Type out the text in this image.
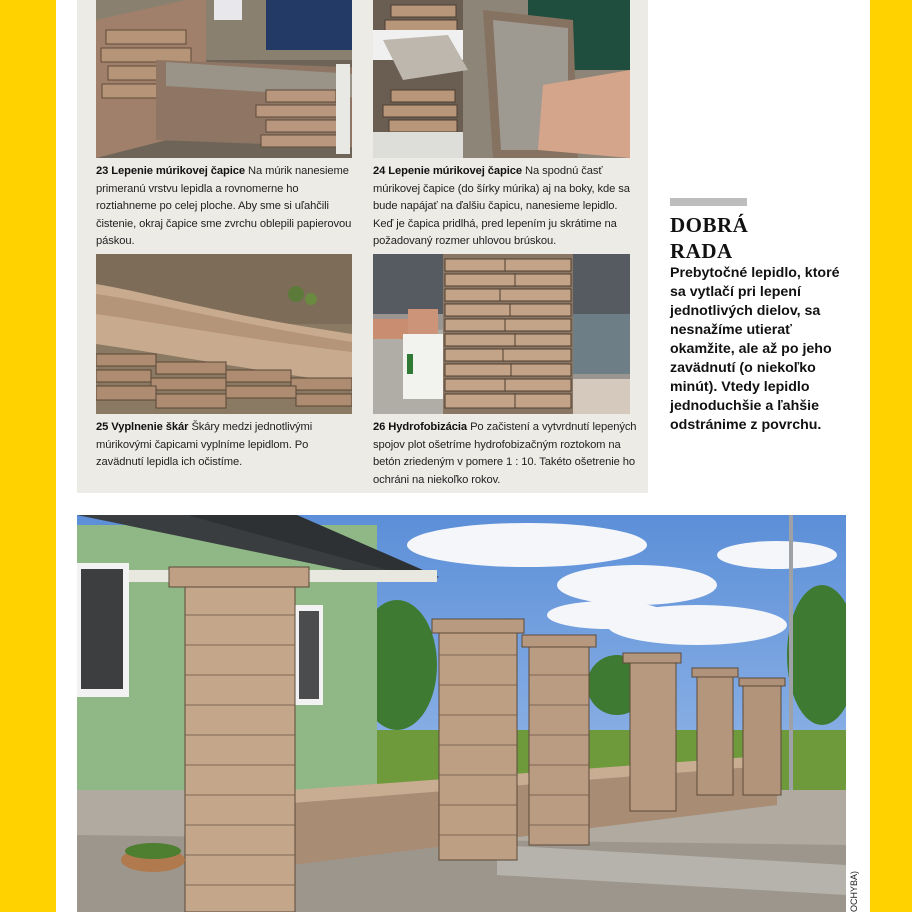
23 Lepenie múrikovej čapice Na múrik nanesieme primeranú vrstvu lepidla a rovnomerne ho roztiahneme po celej ploche. Aby sme si uľahčili čistenie, okraj čapice sme zvrchu oblepili papierovou páskou.
24 Lepenie múrikovej čapice Na spodnú časť múrikovej čapice (do šírky múrika) aj na boky, kde sa bude napájať na ďalšiu čapicu, nanesieme lepidlo. Keď je čapica pridlhá, pred lepením ju skrátime na požadovaný rozmer uhlovou brúskou.
25 Vyplnenie škár Škáry medzi jednotlivými múrikovými čapicami vyplníme lepidlom. Po zavädnutí lepidla ich očistíme.
26 Hydrofobizácia Po začistení a vytvrdnutí lepených spojov plot ošetríme hydrofobizačným roztokom na betón zriedeným v pomere 1 : 10. Takéto ošetrenie ho ochráni na niekoľko rokov.
DOBRÁ
RADA
Prebytočné lepidlo, ktoré sa vytlačí pri lepení jednotlivých dielov, sa nesnažíme utierať okamžite, ale až po jeho zavädnutí (o niekoľko minút). Vtedy lepidlo jednoduchšie a ľahšie odstránime z povrchu.
OCHYBA)
